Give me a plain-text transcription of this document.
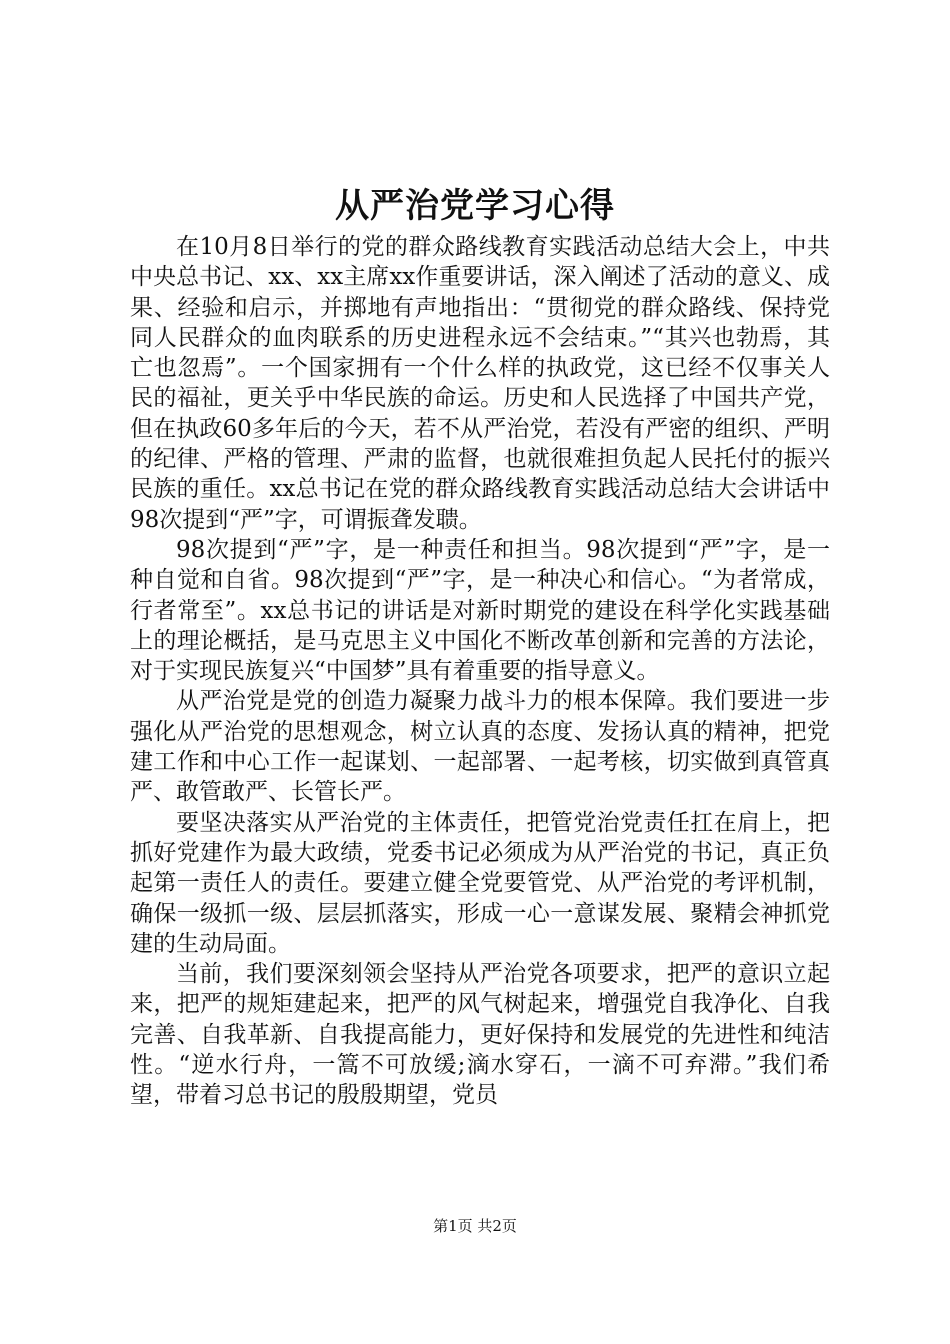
从严治党学习心得

在10月8日举行的党的群众路线教育实践活动总结大会上，中共中央总书记、xx、xx主席xx作重要讲话，深入阐述了活动的意义、成果、经验和启示，并掷地有声地指出：“贯彻党的群众路线、保持党同人民群众的血肉联系的历史进程永远不会结束。”“其兴也勃焉，其亡也忽焉”。一个国家拥有一个什么样的执政党，这已经不仅事关人民的福祉，更关乎中华民族的命运。历史和人民选择了中国共产党，但在执政60多年后的今天，若不从严治党，若没有严密的组织、严明的纪律、严格的管理、严肃的监督，也就很难担负起人民托付的振兴民族的重任。xx总书记在党的群众路线教育实践活动总结大会讲话中98次提到“严”字，可谓振聋发聩。

98次提到“严”字，是一种责任和担当。98次提到“严”字，是一种自觉和自省。98次提到“严”字，是一种决心和信心。“为者常成，行者常至”。xx总书记的讲话是对新时期党的建设在科学化实践基础上的理论概括，是马克思主义中国化不断改革创新和完善的方法论，对于实现民族复兴“中国梦”具有着重要的指导意义。

从严治党是党的创造力凝聚力战斗力的根本保障。我们要进一步强化从严治党的思想观念，树立认真的态度、发扬认真的精神，把党建工作和中心工作一起谋划、一起部署、一起考核，切实做到真管真严、敢管敢严、长管长严。

要坚决落实从严治党的主体责任，把管党治党责任扛在肩上，把抓好党建作为最大政绩，党委书记必须成为从严治党的书记，真正负起第一责任人的责任。要建立健全党要管党、从严治党的考评机制，确保一级抓一级、层层抓落实，形成一心一意谋发展、聚精会神抓党建的生动局面。

当前，我们要深刻领会坚持从严治党各项要求，把严的意识立起来，把严的规矩建起来，把严的风气树起来，增强党自我净化、自我完善、自我革新、自我提高能力，更好保持和发展党的先进性和纯洁性。“逆水行舟，一篙不可放缓;滴水穿石，一滴不可弃滞。”我们希望，带着习总书记的殷殷期望，党员

第1页 共2页
